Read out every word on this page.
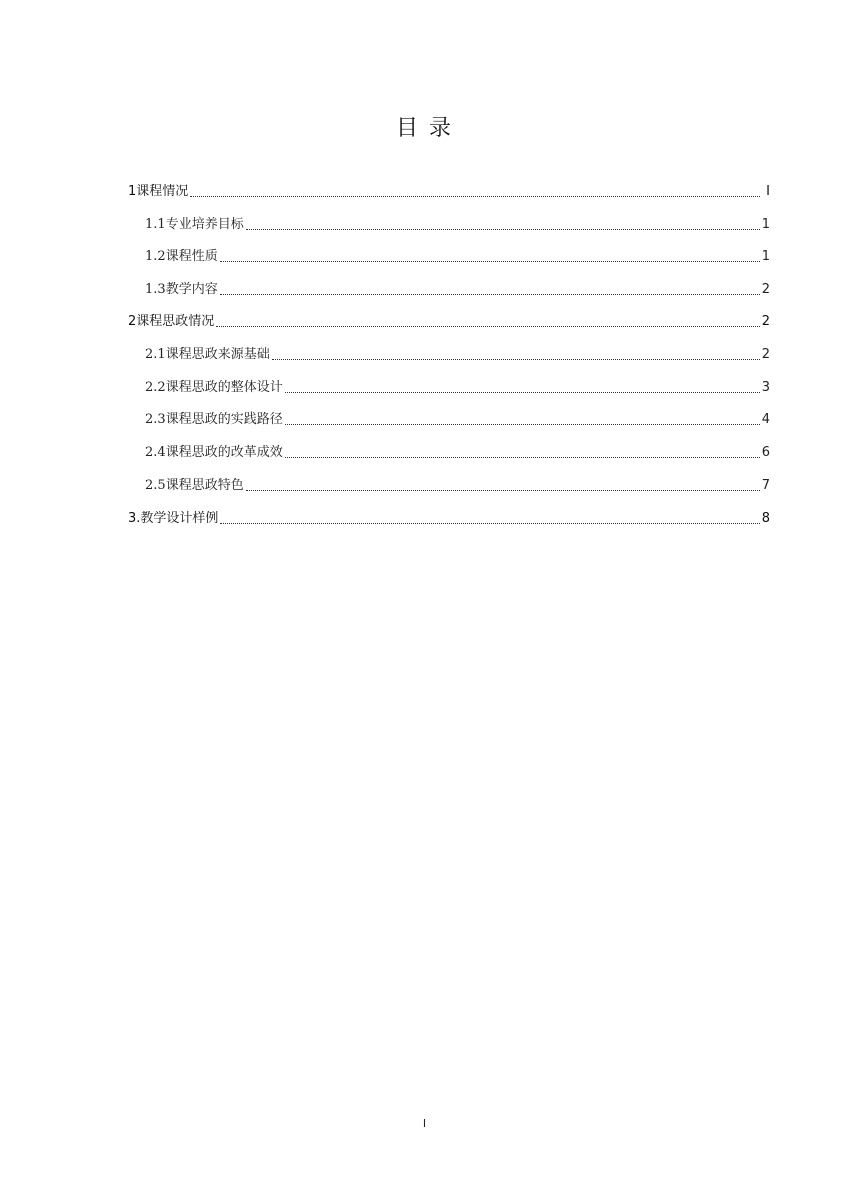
目 录
1 课程情况	I
1.1 专业培养目标	1
1.2 课程性质	1
1.3 教学内容	2
2 课程思政情况	2
2.1 课程思政来源基础	2
2.2 课程思政的整体设计	3
2.3 课程思政的实践路径	4
2.4 课程思政的改革成效	6
2.5 课程思政特色	7
3. 教学设计样例	8
I
